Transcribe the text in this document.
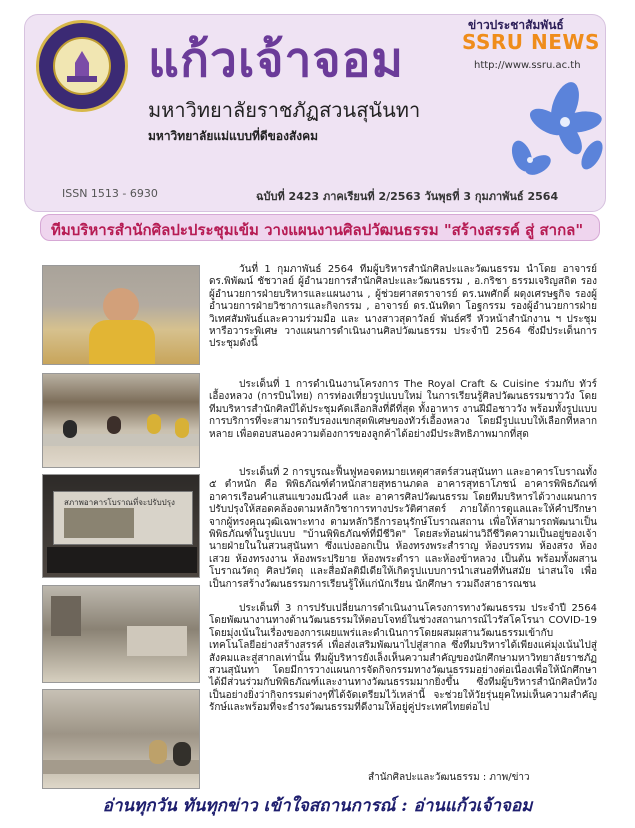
แก้วเจ้าจอม
มหาวิทยาลัยราชภัฏสวนสุนันทา
มหาวิทยาลัยแม่แบบที่ดีของสังคม
ข่าวประชาสัมพันธ์
SSRU NEWS
http://www.ssru.ac.th
ISSN 1513 - 6930	ฉบับที่ 2423 ภาคเรียนที่ 2/2563 วันพุธที่ 3 กุมภาพันธ์ 2564
ทีมบริหารสำนักศิลปะประชุมเข้ม วางแผนงานศิลปวัฒนธรรม "สร้างสรรค์ สู่ สากล"
สภาพอาคารโบราณที่จะปรับปรุง

วันที่ 1 กุมภาพันธ์ 2564 ทีมผู้บริหารสำนักศิลปะและวัฒนธรรม นำโดย อาจารย์ ดร.พิพัฒน์ ชัชวาลย์ ผู้อำนวยการสำนักศิลปะและวัฒนธรรม , อ.กริชา ธรรมเจริญสถิต รองผู้อำนวยการฝ่ายบริหารและแผนงาน , ผู้ช่วยศาสตราจารย์ ดร.นพศักดิ์ ผดุงเศรษฐกิจ รองผู้อำนวยการฝ่ายวิชาการและกิจกรรม , อาจารย์ ดร.นันทิดา โอฐกรรม รองผู้อำนวยการฝ่ายวิเทศสัมพันธ์และความร่วมมือ และ นางสาวสุดาวัลย์ พันธ์ศรี หัวหน้าสำนักงาน ฯ ประชุมหารือวาระพิเศษ วางแผนการดำเนินงานศิลปวัฒนธรรม ประจำปี 2564 ซึ่งมีประเด็นการประชุมดังนี้

ประเด็นที่ 1 การดำเนินงานโครงการ The Royal Craft & Cuisine ร่วมกับ ทัวร์เอื้องหลวง (การบินไทย) การท่องเที่ยวรูปแบบใหม่ ในการเรียนรู้ศิลปวัฒนธรรมชาววัง โดยทีมบริหารสำนักศิลป์ได้ประชุมคัดเลือกสิ่งที่ดีที่สุด ทั้งอาหาร งานฝีมือชาววัง พร้อมทั้งรูปแบบการบริการที่จะสามารถรับรองแขกสุดพิเศษของทัวร์เอื้องหลวง โดยมีรูปแบบให้เลือกที่หลากหลาย เพื่อตอบสนองความต้องการของลูกค้าได้อย่างมีประสิทธิภาพมากที่สุด

ประเด็นที่ 2 การบูรณะฟื้นฟูหอจดหมายเหตุศาสตร์สวนสุนันทา และอาคารโบราณทั้ง ๕ ตำหนัก คือ พิพิธภัณฑ์ตำหนักสายสุทธานภดล อาคารสุทธาโภชน์ อาคารพิพิธภัณฑ์อาคารเรือนคำแสนแขวงมณีวงศ์ และ อาคารศิลปวัฒนธรรม โดยทีมบริหารได้วางแผนการปรับปรุงให้สอดคล้องตามหลักวิชาการทางประวัติศาสตร์ ภายใต้การดูแลและให้คำปรึกษาจากผู้ทรงคุณวุฒิเฉพาะทาง ตามหลักวิธีการอนุรักษ์โบราณสถาน เพื่อให้สามารถพัฒนาเป็นพิพิธภัณฑ์ในรูปแบบ "บ้านพิพิธภัณฑ์ที่มีชีวิต" โดยสะท้อนผ่านวิถีชีวิตความเป็นอยู่ของเจ้านายฝ่ายในในสวนสุนันทา ซึ่งแบ่งออกเป็น ห้องทรงพระสำราญ ห้องบรรทม ห้องสรง ห้องเสวย ห้องทรงงาน ห้องพระปริยาย ห้องพระตำรา และห้องข้าหลวง เป็นต้น พร้อมทั้งผสานโบราณวัตถุ ศิลปวัตถุ และสื่อมัลติมีเดียให้เกิดรูปแบบการนำเสนอที่ทันสมัย น่าสนใจ เพื่อเป็นการสร้างวัฒนธรรมการเรียนรู้ให้แก่นักเรียน นักศึกษา รวมถึงสาธารณชน

ประเด็นที่ 3 การปรับเปลี่ยนการดำเนินงานโครงการทางวัฒนธรรม ประจำปี 2564 โดยพัฒนางานทางด้านวัฒนธรรมให้ตอบโจทย์ในช่วงสถานการณ์ไวรัสโคโรนา COVID-19 โดยมุ่งเน้นในเรื่องของการเผยแพร่และดำเนินการโดยผสมผสานวัฒนธรรมเข้ากับเทคโนโลยีอย่างสร้างสรรค์ เพื่อส่งเสริมพัฒนาไปสู่สากล ซึ่งทีมบริหารได้เพียงแค่มุ่งเน้นไปสู่สังคมและสู่สากลเท่านั้น ทีมผู้บริหารยังเล็งเห็นความสำคัญของนักศึกษามหาวิทยาลัยราชภัฏสวนสุนันทา โดยมีการวางแผนการจัดกิจกรรมทางวัฒนธรรมอย่างต่อเนื่องเพื่อให้นักศึกษาได้มีส่วนร่วมกับพิพิธภัณฑ์และงานทางวัฒนธรรมมากยิ่งขึ้น ซึ่งทีมผู้บริหารสำนักศิลป์หวังเป็นอย่างยิ่งว่ากิจกรรมต่างๆที่ได้จัดเตรียมไว้เหล่านี้ จะช่วยให้วัยรุ่นยุคใหม่เห็นความสำคัญ รักษ์และพร้อมที่จะธำรงวัฒนธรรมที่ดีงามให้อยู่คู่ประเทศไทยต่อไป

สำนักศิลปะและวัฒนธรรม : ภาพ/ข่าว
อ่านทุกวัน ทันทุกข่าว เข้าใจสถานการณ์ : อ่านแก้วเจ้าจอม
